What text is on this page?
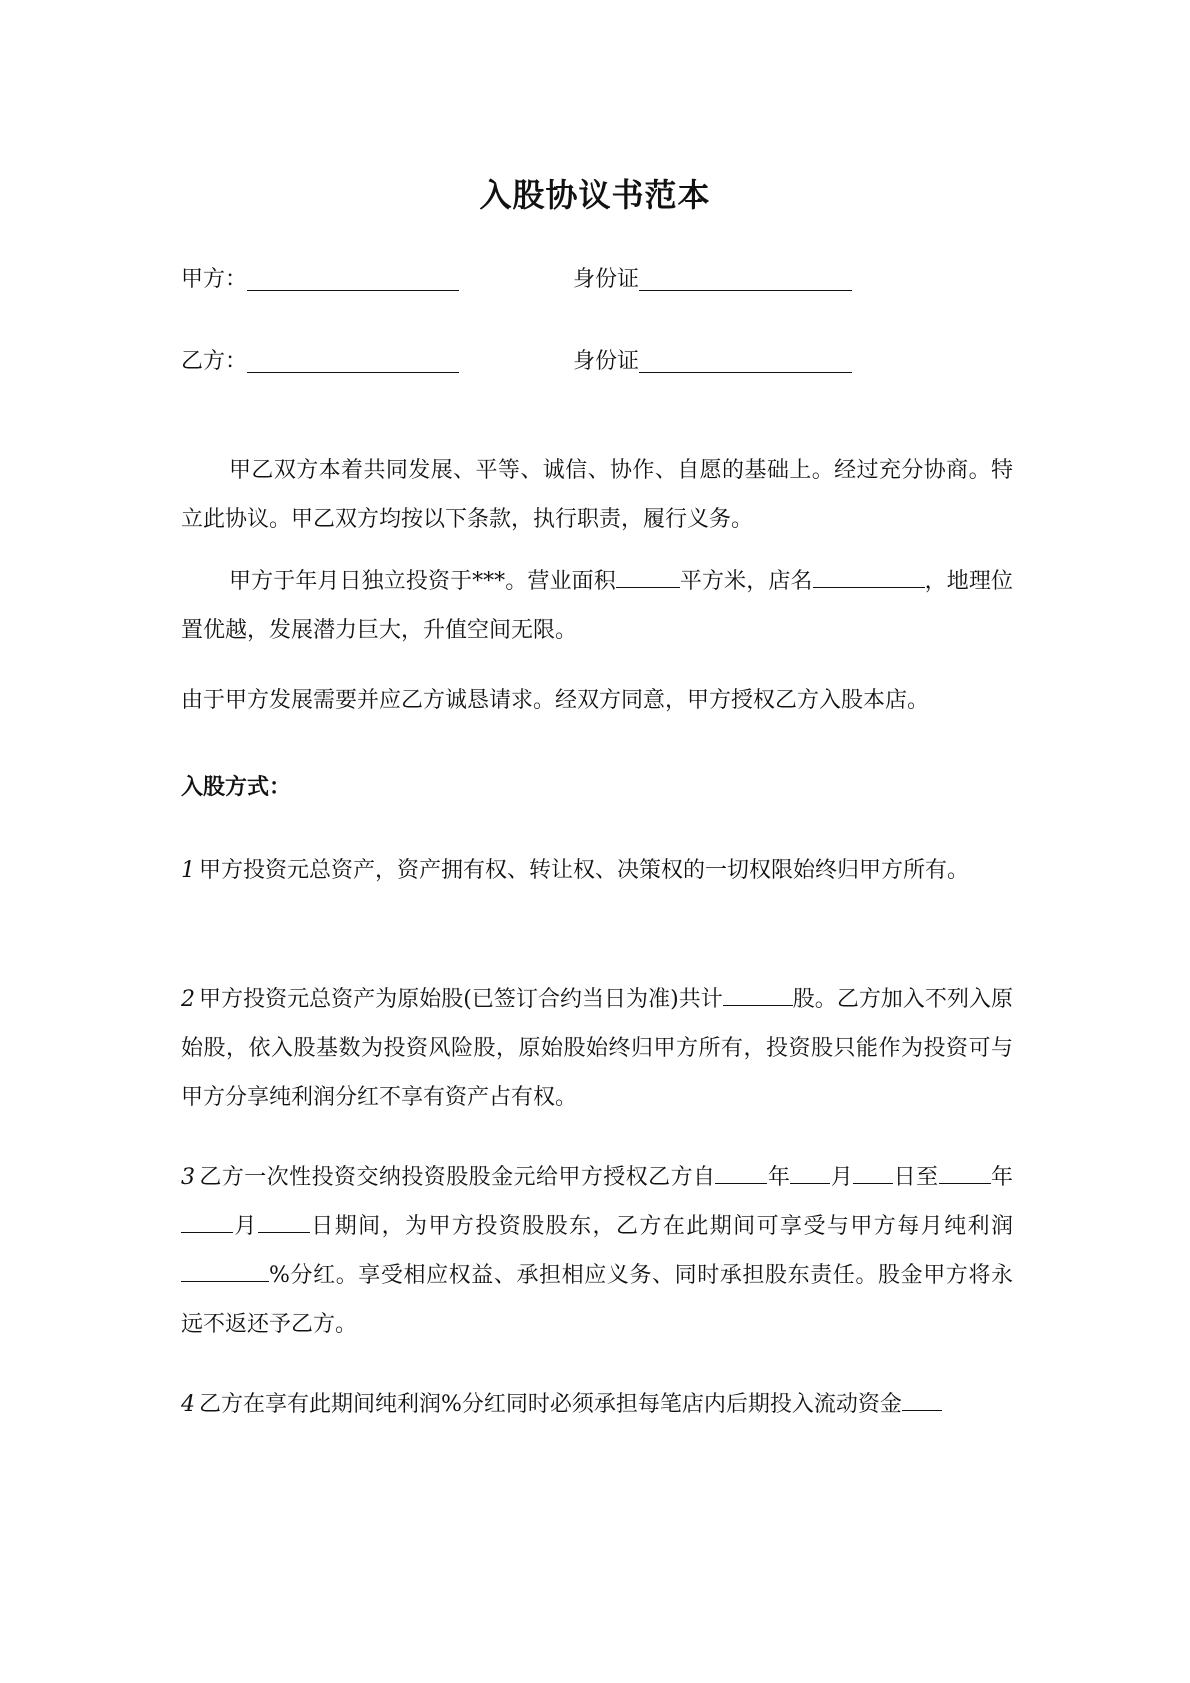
入股协议书范本
甲方：	身份证
乙方：	身份证
甲乙双方本着共同发展、平等、诚信、协作、自愿的基础上。经过充分协商。特立此协议。甲乙双方均按以下条款，执行职责，履行义务。
甲方于年月日独立投资于***。营业面积	平方米，店名	，地理位置优越，发展潜力巨大，升值空间无限。
由于甲方发展需要并应乙方诚恳请求。经双方同意，甲方授权乙方入股本店。
入股方式：
1 甲方投资元总资产，资产拥有权、转让权、决策权的一切权限始终归甲方所有。
2 甲方投资元总资产为原始股(已签订合约当日为准)共计	股。乙方加入不列入原始股，依入股基数为投资风险股，原始股始终归甲方所有，投资股只能作为投资可与甲方分享纯利润分红不享有资产占有权。
3 乙方一次性投资交纳投资股股金元给甲方授权乙方自 年 月 日至 年月 日期间，为甲方投资股股东，乙方在此期间可享受与甲方每月纯利润%分红。享受相应权益、承担相应义务、同时承担股东责任。股金甲方将永远不返还予乙方。
4 乙方在享有此期间纯利润%分红同时必须承担每笔店内后期投入流动资金
